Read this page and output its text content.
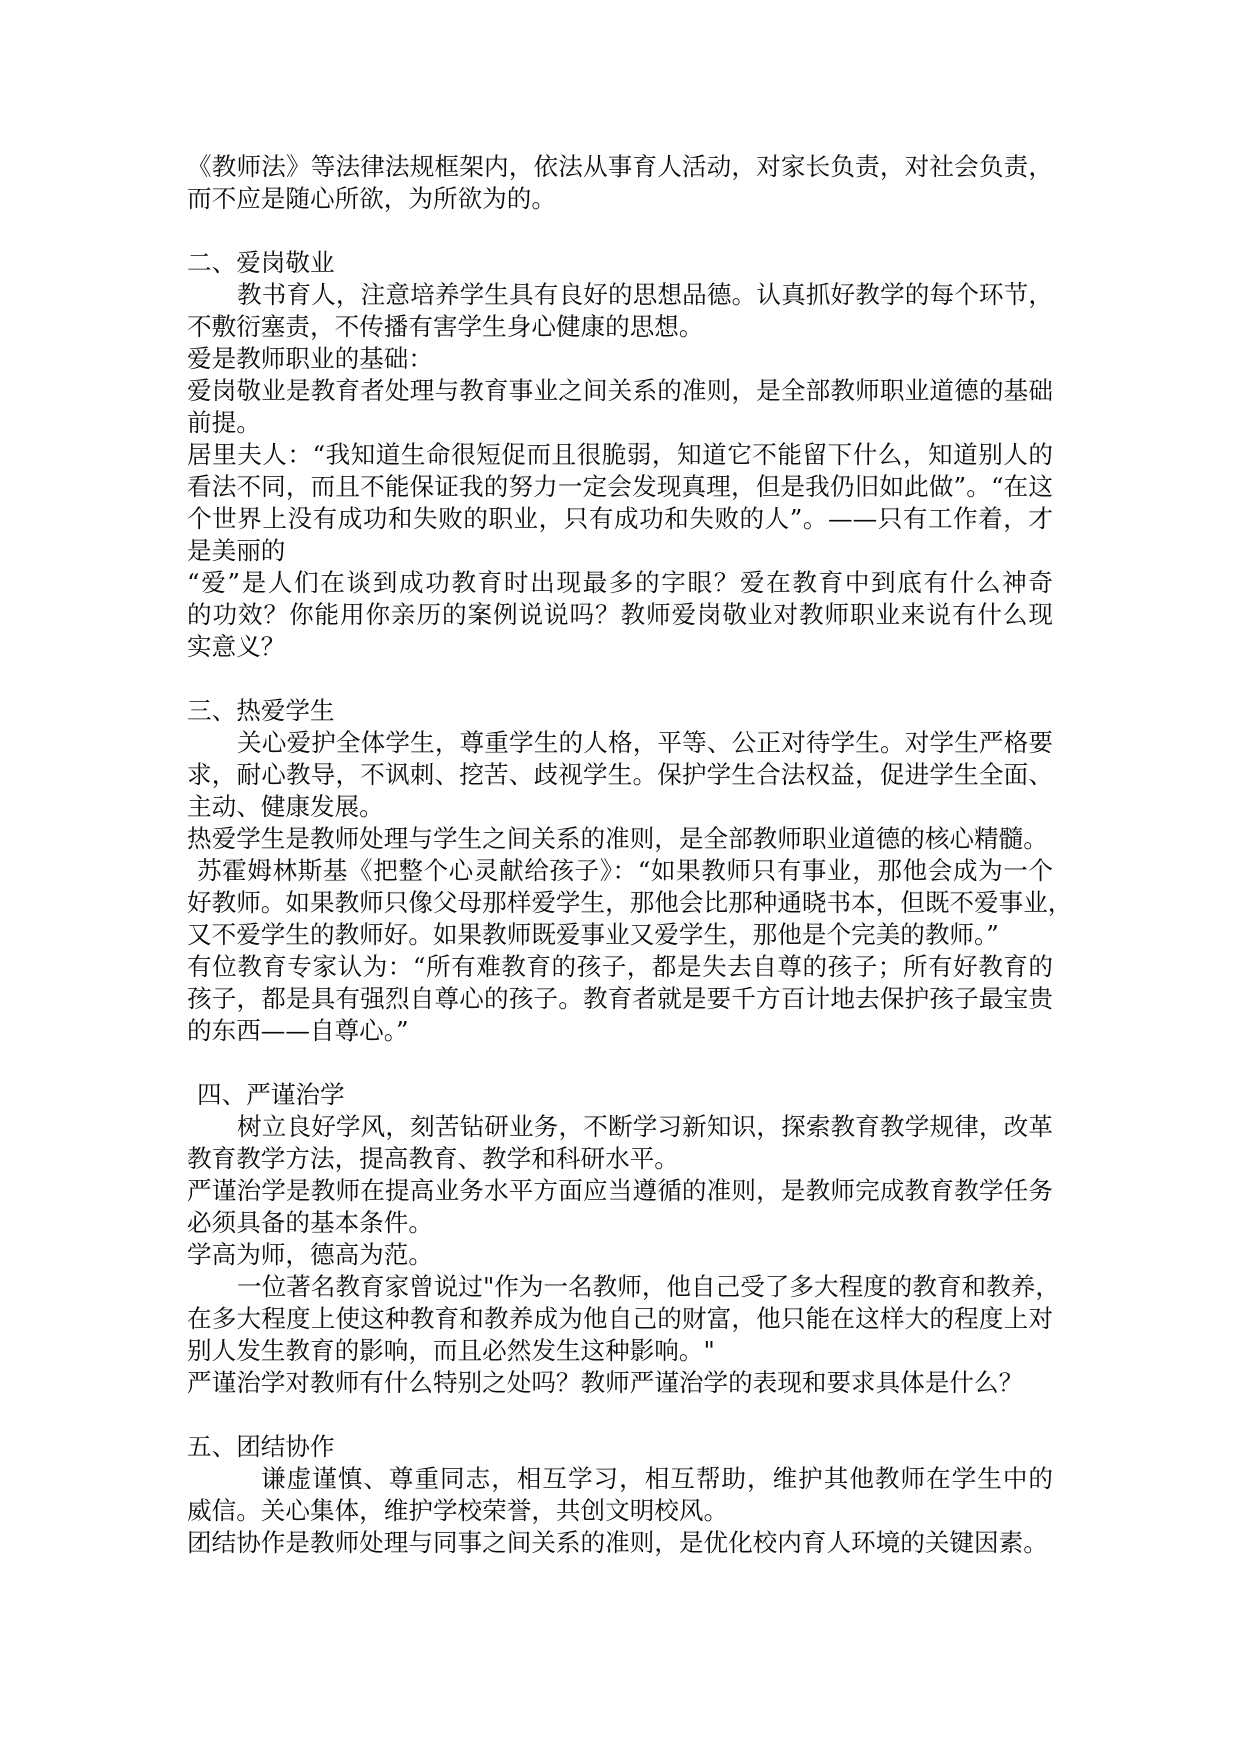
《教师法》等法律法规框架内，依法从事育人活动，对家长负责，对社会负责，
而不应是随心所欲，为所欲为的。
二、爱岗敬业
教书育人，注意培养学生具有良好的思想品德。认真抓好教学的每个环节，
不敷衍塞责，不传播有害学生身心健康的思想。
爱是教师职业的基础：
爱岗敬业是教育者处理与教育事业之间关系的准则，是全部教师职业道德的基础
前提。
居里夫人：“我知道生命很短促而且很脆弱，知道它不能留下什么，知道别人的
看法不同，而且不能保证我的努力一定会发现真理，但是我仍旧如此做”。“在这
个世界上没有成功和失败的职业，只有成功和失败的人”。——只有工作着，才
是美丽的
“爱”是人们在谈到成功教育时出现最多的字眼？爱在教育中到底有什么神奇
的功效？你能用你亲历的案例说说吗？教师爱岗敬业对教师职业来说有什么现
实意义？
三、热爱学生
关心爱护全体学生，尊重学生的人格，平等、公正对待学生。对学生严格要
求，耐心教导，不讽刺、挖苦、歧视学生。保护学生合法权益，促进学生全面、
主动、健康发展。
热爱学生是教师处理与学生之间关系的准则，是全部教师职业道德的核心精髓。
苏霍姆林斯基《把整个心灵献给孩子》：“如果教师只有事业，那他会成为一个
好教师。如果教师只像父母那样爱学生，那他会比那种通晓书本，但既不爱事业，
又不爱学生的教师好。如果教师既爱事业又爱学生，那他是个完美的教师。”
有位教育专家认为：“所有难教育的孩子，都是失去自尊的孩子；所有好教育的
孩子，都是具有强烈自尊心的孩子。教育者就是要千方百计地去保护孩子最宝贵
的东西——自尊心。”
四、严谨治学
树立良好学风，刻苦钻研业务，不断学习新知识，探索教育教学规律，改革
教育教学方法，提高教育、教学和科研水平。
严谨治学是教师在提高业务水平方面应当遵循的准则，是教师完成教育教学任务
必须具备的基本条件。
学高为师，德高为范。
一位著名教育家曾说过"作为一名教师，他自己受了多大程度的教育和教养，
在多大程度上使这种教育和教养成为他自己的财富，他只能在这样大的程度上对
别人发生教育的影响，而且必然发生这种影响。"
严谨治学对教师有什么特别之处吗？教师严谨治学的表现和要求具体是什么？
五、团结协作
谦虚谨慎、尊重同志，相互学习，相互帮助，维护其他教师在学生中的
威信。关心集体，维护学校荣誉，共创文明校风。
团结协作是教师处理与同事之间关系的准则，是优化校内育人环境的关键因素。
